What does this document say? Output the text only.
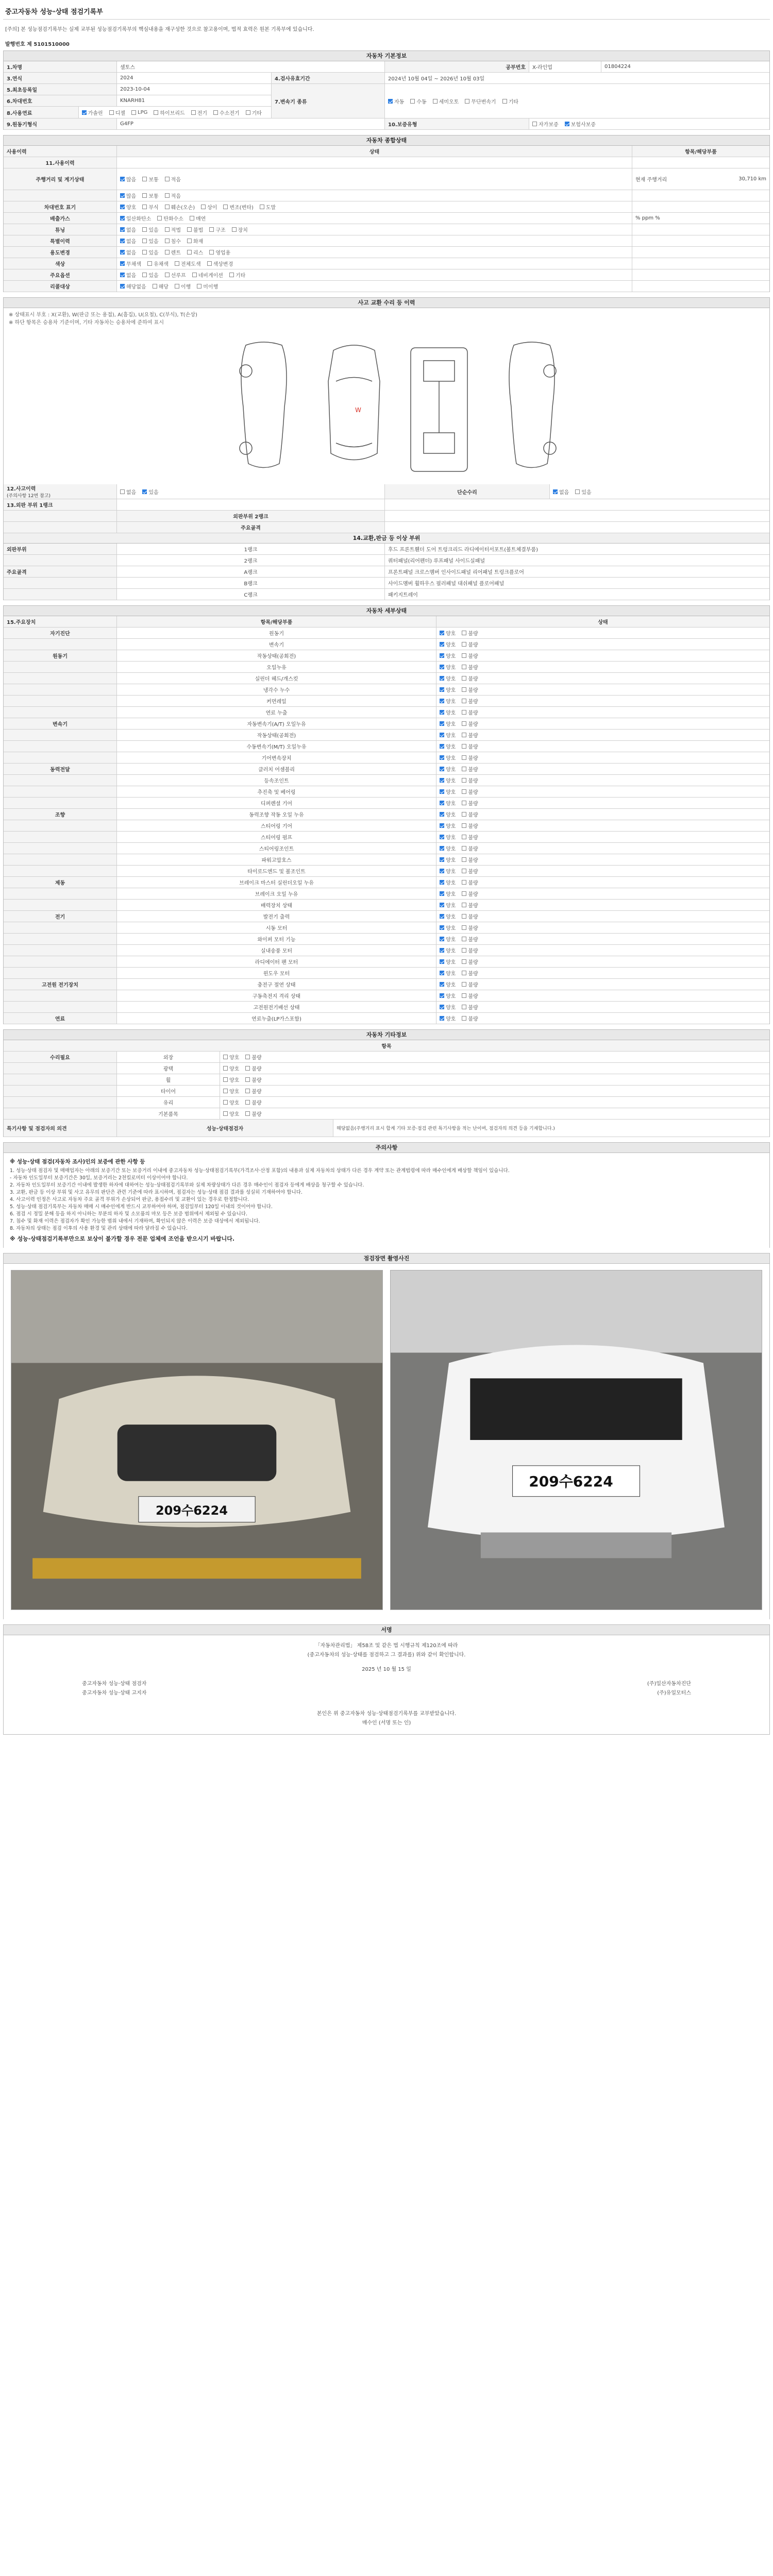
중고자동차 성능·상태 점검기록부
[주의] 본 성능점검기록부는 실제 교부된 성능점검기록부의 핵심내용을 재구성한 것으로 참고용이며, 법적 효력은 원본 기록부에 있습니다.
발행번호 제 5101510000
자동차 기본정보
1.차명	셀토스	공부번호	X-라인업	01804224
3.연식	2024	4.검사유효기간	2024년 10월 04일 ~ 2026년 10월 03일
5.최초등록일	2023-10-04
6.차대번호	KNARH81
8.사용연료	가솔린 디젤 LPG 하이브리드 전기 수소전기 기타
7.변속기 종류	자동 수동 세미오토 무단변속기 기타
9.원동기형식	G4FP	10.보증유형	자가보증 보험사보증
자동차 종합상태
사용이력	상태	항목/해당부품
11.사용이력
주행거리 및 계기상태	많음 보통 적음	현재 주행거리	30,710 km
많음 보통 적음
차대번호 표기	양호 부식 훼손(오손) 상이 변조(변타) 도말
배출가스	일산화탄소 탄화수소 매연	% ppm %
튜닝	없음 있음 적법 불법 구조 장치
특별이력	없음 있음 침수 화재
용도변경	없음 있음 렌트 리스 영업용
색상	무채색 유채색 전체도색 색상변경
주요옵션	없음 있음 선루프 네비게이션 기타
리콜대상	해당없음 해당 이행 미이행
사고 교환 수리 등 이력
※ 상태표시 부호 : X(교환), W(판금 또는 용접), A(흠집), U(요철), C(부식), T(손상)
※ 하단 항목은 승용차 기준이며, 기타 자동차는 승용차에 준하여 표시
W
12.사고이력
(주의사항 12번 참고)
없음 있음	단순수리	없음 있음
13.외판 부위 1랭크
외판부위 2랭크
주요골격
14.교환,판금 등 이상 부위
외판부위	1랭크	후드 프론트휀더 도어 트렁크리드 라디에이터서포트(볼트체결부품)
2랭크	쿼터패널(리어펜더) 루프패널 사이드실패널
주요골격	A랭크	프론트패널 크로스멤버 인사이드패널 리어패널 트렁크플로어
B랭크	사이드멤버 휠하우스 필러패널 대쉬패널 플로어패널
C랭크	패키지트레이
자동차 세부상태
15.주요장치	항목/해당부품	상태
자기진단	원동기	양호 불량
변속기	양호 불량
원동기	작동상태(공회전)	양호 불량
오일누유	양호 불량
실린더 헤드/개스킷	양호 불량
냉각수 누수	양호 불량
커먼레일	양호 불량
연료 누출	양호 불량
변속기	자동변속기(A/T) 오일누유	양호 불량
작동상태(공회전)	양호 불량
수동변속기(M/T) 오일누유	양호 불량
기어변속장치	양호 불량
동력전달	클러치 어셈블리	양호 불량
등속조인트	양호 불량
추진축 및 베어링	양호 불량
디퍼렌셜 기어	양호 불량
조향	동력조향 작동 오일 누유	양호 불량
스티어링 기어	양호 불량
스티어링 펌프	양호 불량
스티어링조인트	양호 불량
파워고압호스	양호 불량
타이로드엔드 및 볼조인트	양호 불량
제동	브레이크 마스터 실린더오일 누유	양호 불량
브레이크 오일 누유	양호 불량
배력장치 상태	양호 불량
전기	발전기 출력	양호 불량
시동 모터	양호 불량
와이퍼 모터 기능	양호 불량
실내송풍 모터	양호 불량
라디에이터 팬 모터	양호 불량
윈도우 모터	양호 불량
고전원 전기장치	충전구 절연 상태	양호 불량
구동축전지 격리 상태	양호 불량
고전원전기배선 상태	양호 불량
연료	연료누출(LP가스포함)	양호 불량
자동차 기타정보
항목
수리필요	외장	양호 불량
광택	양호 불량
휠	양호 불량
타이어	양호 불량
유리	양호 불량
기본품목	양호 불량
특기사항 및 점검자의 의견	성능·상태점검자	해당없음(주행거리 표시 합계 기타 보증·점검 관련 특기사항을 적는 난이며, 점검자의 의견 등을 기재합니다.)
주의사항
※ 성능·상태 점검(자동차 조사)인의 보증에 관한 사항 등
1. 성능·상태 점검자 및 매매업자는 아래의 보증기간 또는 보증거리 이내에 중고자동차 성능·상태점검기록부(가격조사·산정 포함)의 내용과 실제 자동차의 상태가 다른 경우 계약 또는 관계법령에 따라 매수인에게 배상할 책임이 있습니다.
- 자동차 인도일부터 보증기간은 30일, 보증거리는 2천킬로미터 이상이어야 합니다.
2. 자동차 인도일부터 보증기간 이내에 발생한 하자에 대하여는 성능·상태점검기록부와 실제 차량상태가 다른 경우 매수인이 점검자 등에게 배상을 청구할 수 있습니다.
3. 교환, 판금 등 이상 부위 및 사고 유무의 판단은 관련 기준에 따라 표시하며, 점검자는 성능·상태 점검 결과를 성실히 기재하여야 합니다.
4. 사고이력 인정은 사고로 자동차 주요 골격 부위가 손상되어 판금, 용접수리 및 교환이 있는 경우로 한정합니다.
5. 성능·상태 점검기록부는 자동차 매매 시 매수인에게 반드시 교부하여야 하며, 점검일부터 120일 이내의 것이어야 합니다.
6. 점검 시 정밀 분해 등을 하지 아니하는 부분의 하자 및 소모품의 마모 등은 보증 범위에서 제외될 수 있습니다.
7. 침수 및 화재 이력은 점검자가 확인 가능한 범위 내에서 기재하며, 확인되지 않은 이력은 보증 대상에서 제외됩니다.
8. 자동차의 상태는 점검 이후의 사용 환경 및 관리 상태에 따라 달라질 수 있습니다.
※ 성능·상태점검기록부만으로 보상이 불가할 경우 전문 업체에 조언을 받으시기 바랍니다.
점검장면 촬영사진
209수6224
209수6224
서명
「자동차관리법」 제58조 및 같은 법 시행규칙 제120조에 따라
(중고자동차의 성능·상태를 점검하고 그 결과를) 위와 같이 확인합니다.
2025 년 10 월 15 일
중고자동차 성능·상태 점검자	(주)일산자동차진단
중고자동차 성능·상태 고지자	(주)유일모터스
본인은 위 중고자동차 성능·상태점검기록부를 교부받았습니다.
매수인 (서명 또는 인)
